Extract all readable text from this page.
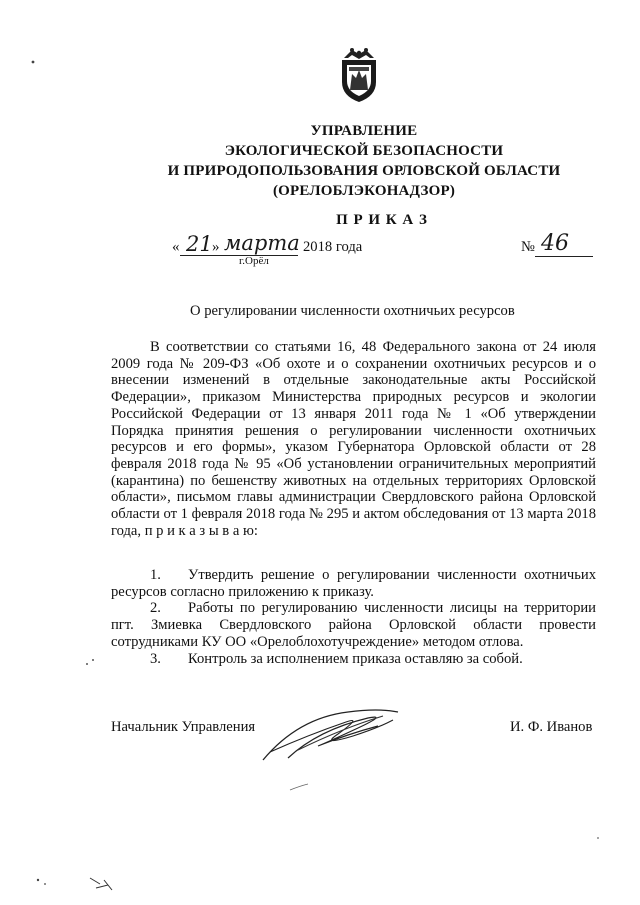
УПРАВЛЕНИЕ
ЭКОЛОГИЧЕСКОЙ БЕЗОПАСНОСТИ
И ПРИРОДОПОЛЬЗОВАНИЯ ОРЛОВСКОЙ ОБЛАСТИ
(ОРЕЛОБЛЭКОНАДЗОР)
П Р И К А З
« 21 » марта 2018 года
г.Орёл
№ 46
О регулировании численности охотничьих ресурсов

В соответствии со статьями 16, 48 Федерального закона от 24 июля 2009 года № 209-ФЗ «Об охоте и о сохранении охотничьих ресурсов и о внесении изменений в отдельные законодательные акты Российской Федерации», приказом Министерства природных ресурсов и экологии Российской Федерации от 13 января 2011 года № 1 «Об утверждении Порядка принятия решения о регулировании численности охотничьих ресурсов и его формы», указом Губернатора Орловской области от 28 февраля 2018 года № 95 «Об установлении ограничительных мероприятий (карантина) по бешенству животных на отдельных территориях Орловской области», письмом главы администрации Свердловского района Орловской области от 1 февраля 2018 года № 295 и актом обследования от 13 марта 2018 года, п р и к а з ы в а ю:

1. Утвердить решение о регулировании численности охотничьих ресурсов согласно приложению к приказу.

2. Работы по регулированию численности лисицы на территории пгт. Змиевка Свердловского района Орловской области провести сотрудниками КУ ОО «Орелоблохотучреждение» методом отлова.

3. Контроль за исполнением приказа оставляю за собой.

Начальник Управления	И. Ф. Иванов
